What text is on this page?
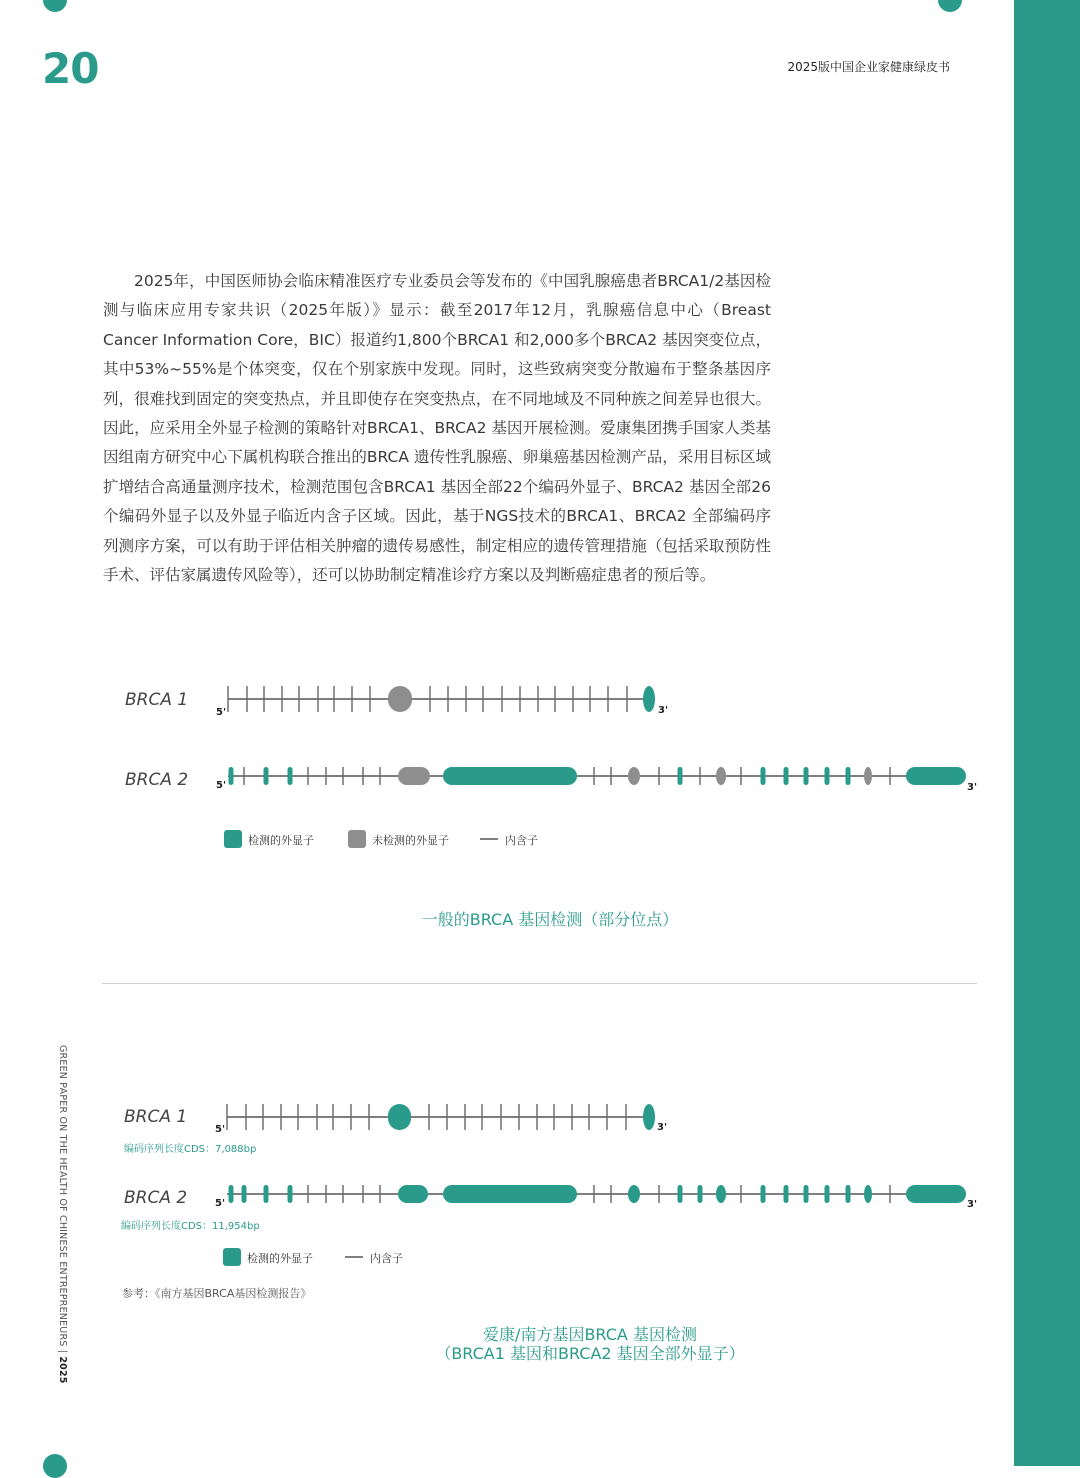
20	2025版中国企业家健康绿皮书
GREEN PAPER ON THE HEALTH OF CHINESE ENTREPRENEURS | 2025

2025年，中国医师协会临床精准医疗专业委员会等发布的《中国乳腺癌患者BRCA1/2基因检测与临床应用专家共识（2025年版）》显示：截至2017年12月，乳腺癌信息中心（Breast Cancer Information Core，BIC）报道约1,800个BRCA1 和2,000多个BRCA2 基因突变位点，其中53%~55%是个体突变，仅在个别家族中发现。同时，这些致病突变分散遍布于整条基因序列，很难找到固定的突变热点，并且即使存在突变热点，在不同地域及不同种族之间差异也很大。因此，应采用全外显子检测的策略针对BRCA1、BRCA2 基因开展检测。爱康集团携手国家人类基因组南方研究中心下属机构联合推出的BRCA 遗传性乳腺癌、卵巢癌基因检测产品，采用目标区域扩增结合高通量测序技术，检测范围包含BRCA1 基因全部22个编码外显子、BRCA2 基因全部26个编码外显子以及外显子临近内含子区域。因此，基于NGS技术的BRCA1、BRCA2 全部编码序列测序方案，可以有助于评估相关肿瘤的遗传易感性，制定相应的遗传管理措施（包括采取预防性手术、评估家属遗传风险等），还可以协助制定精准诊疗方案以及判断癌症患者的预后等。

BRCA 1
5'	3'
BRCA 2	5'	3'
检测的外显子	未检测的外显子	内含子
BRCA 1
编码序列长度CDS：7,088bp
5'	3'
BRCA 2
编码序列长度CDS：11,954bp
5'	3'
检测的外显子	内含子
一般的BRCA 基因检测（部分位点）
参考：《南方基因BRCA基因检测报告》
爱康/南方基因BRCA 基因检测
（BRCA1 基因和BRCA2 基因全部外显子）
